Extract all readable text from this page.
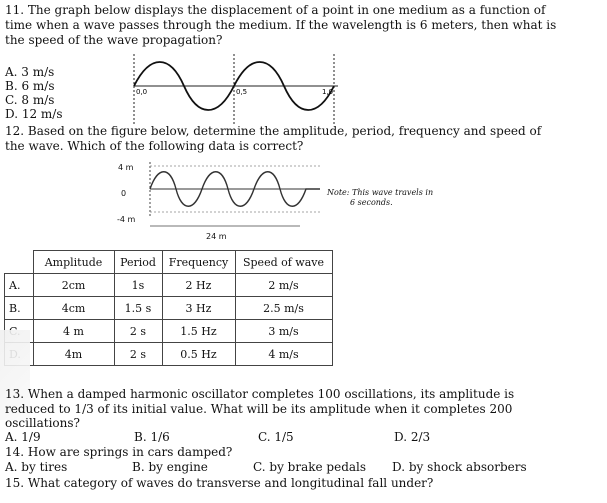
11. The graph below displays the displacement of a point in one medium as a function of
time when a wave passes through the medium. If the wavelength is 6 meters, then what is
the speed of the wave propagation?
A. 3 m/s
B. 6 m/s
C. 8 m/s
D. 12 m/s
0,0	0,5	1,0
12. Based on the figure below, determine the amplitude, period, frequency and speed of
the wave. Which of the following data is correct?
4 m
0
-4 m
24 m
Note: This wave travels in
6 seconds.
	Amplitude	Period	Frequency	Speed of wave
A.	2cm	1s	2 Hz	2 m/s
B.	4cm	1.5 s	3 Hz	2.5 m/s
	4 m	2 s	1.5 Hz	3 m/s
	4m	2 s	0.5 Hz	4 m/s
13. When a damped harmonic oscillator completes 100 oscillations, its amplitude is
reduced to 1/3 of its initial value. What will be its amplitude when it completes 200
oscillations?
A. 1/9	B. 1/6	C. 1/5	D. 2/3
14. How are springs in cars damped?
A. by tires	B. by engine	C. by brake pedals D. by shock absorbers
15. What category of waves do transverse and longitudinal fall under?
